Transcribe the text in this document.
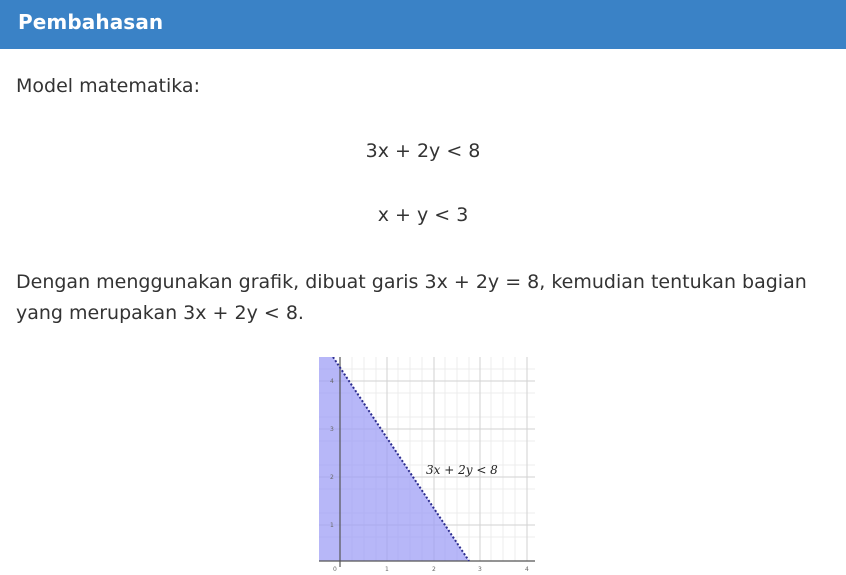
Pembahasan
Model matematika:
3x + 2y < 8
x + y < 3
Dengan menggunakan grafik, dibuat garis 3x + 2y = 8, kemudian tentukan bagian yang merupakan 3x + 2y < 8.
0	1	2	3	4
1
2
3
4
3x + 2y < 8
